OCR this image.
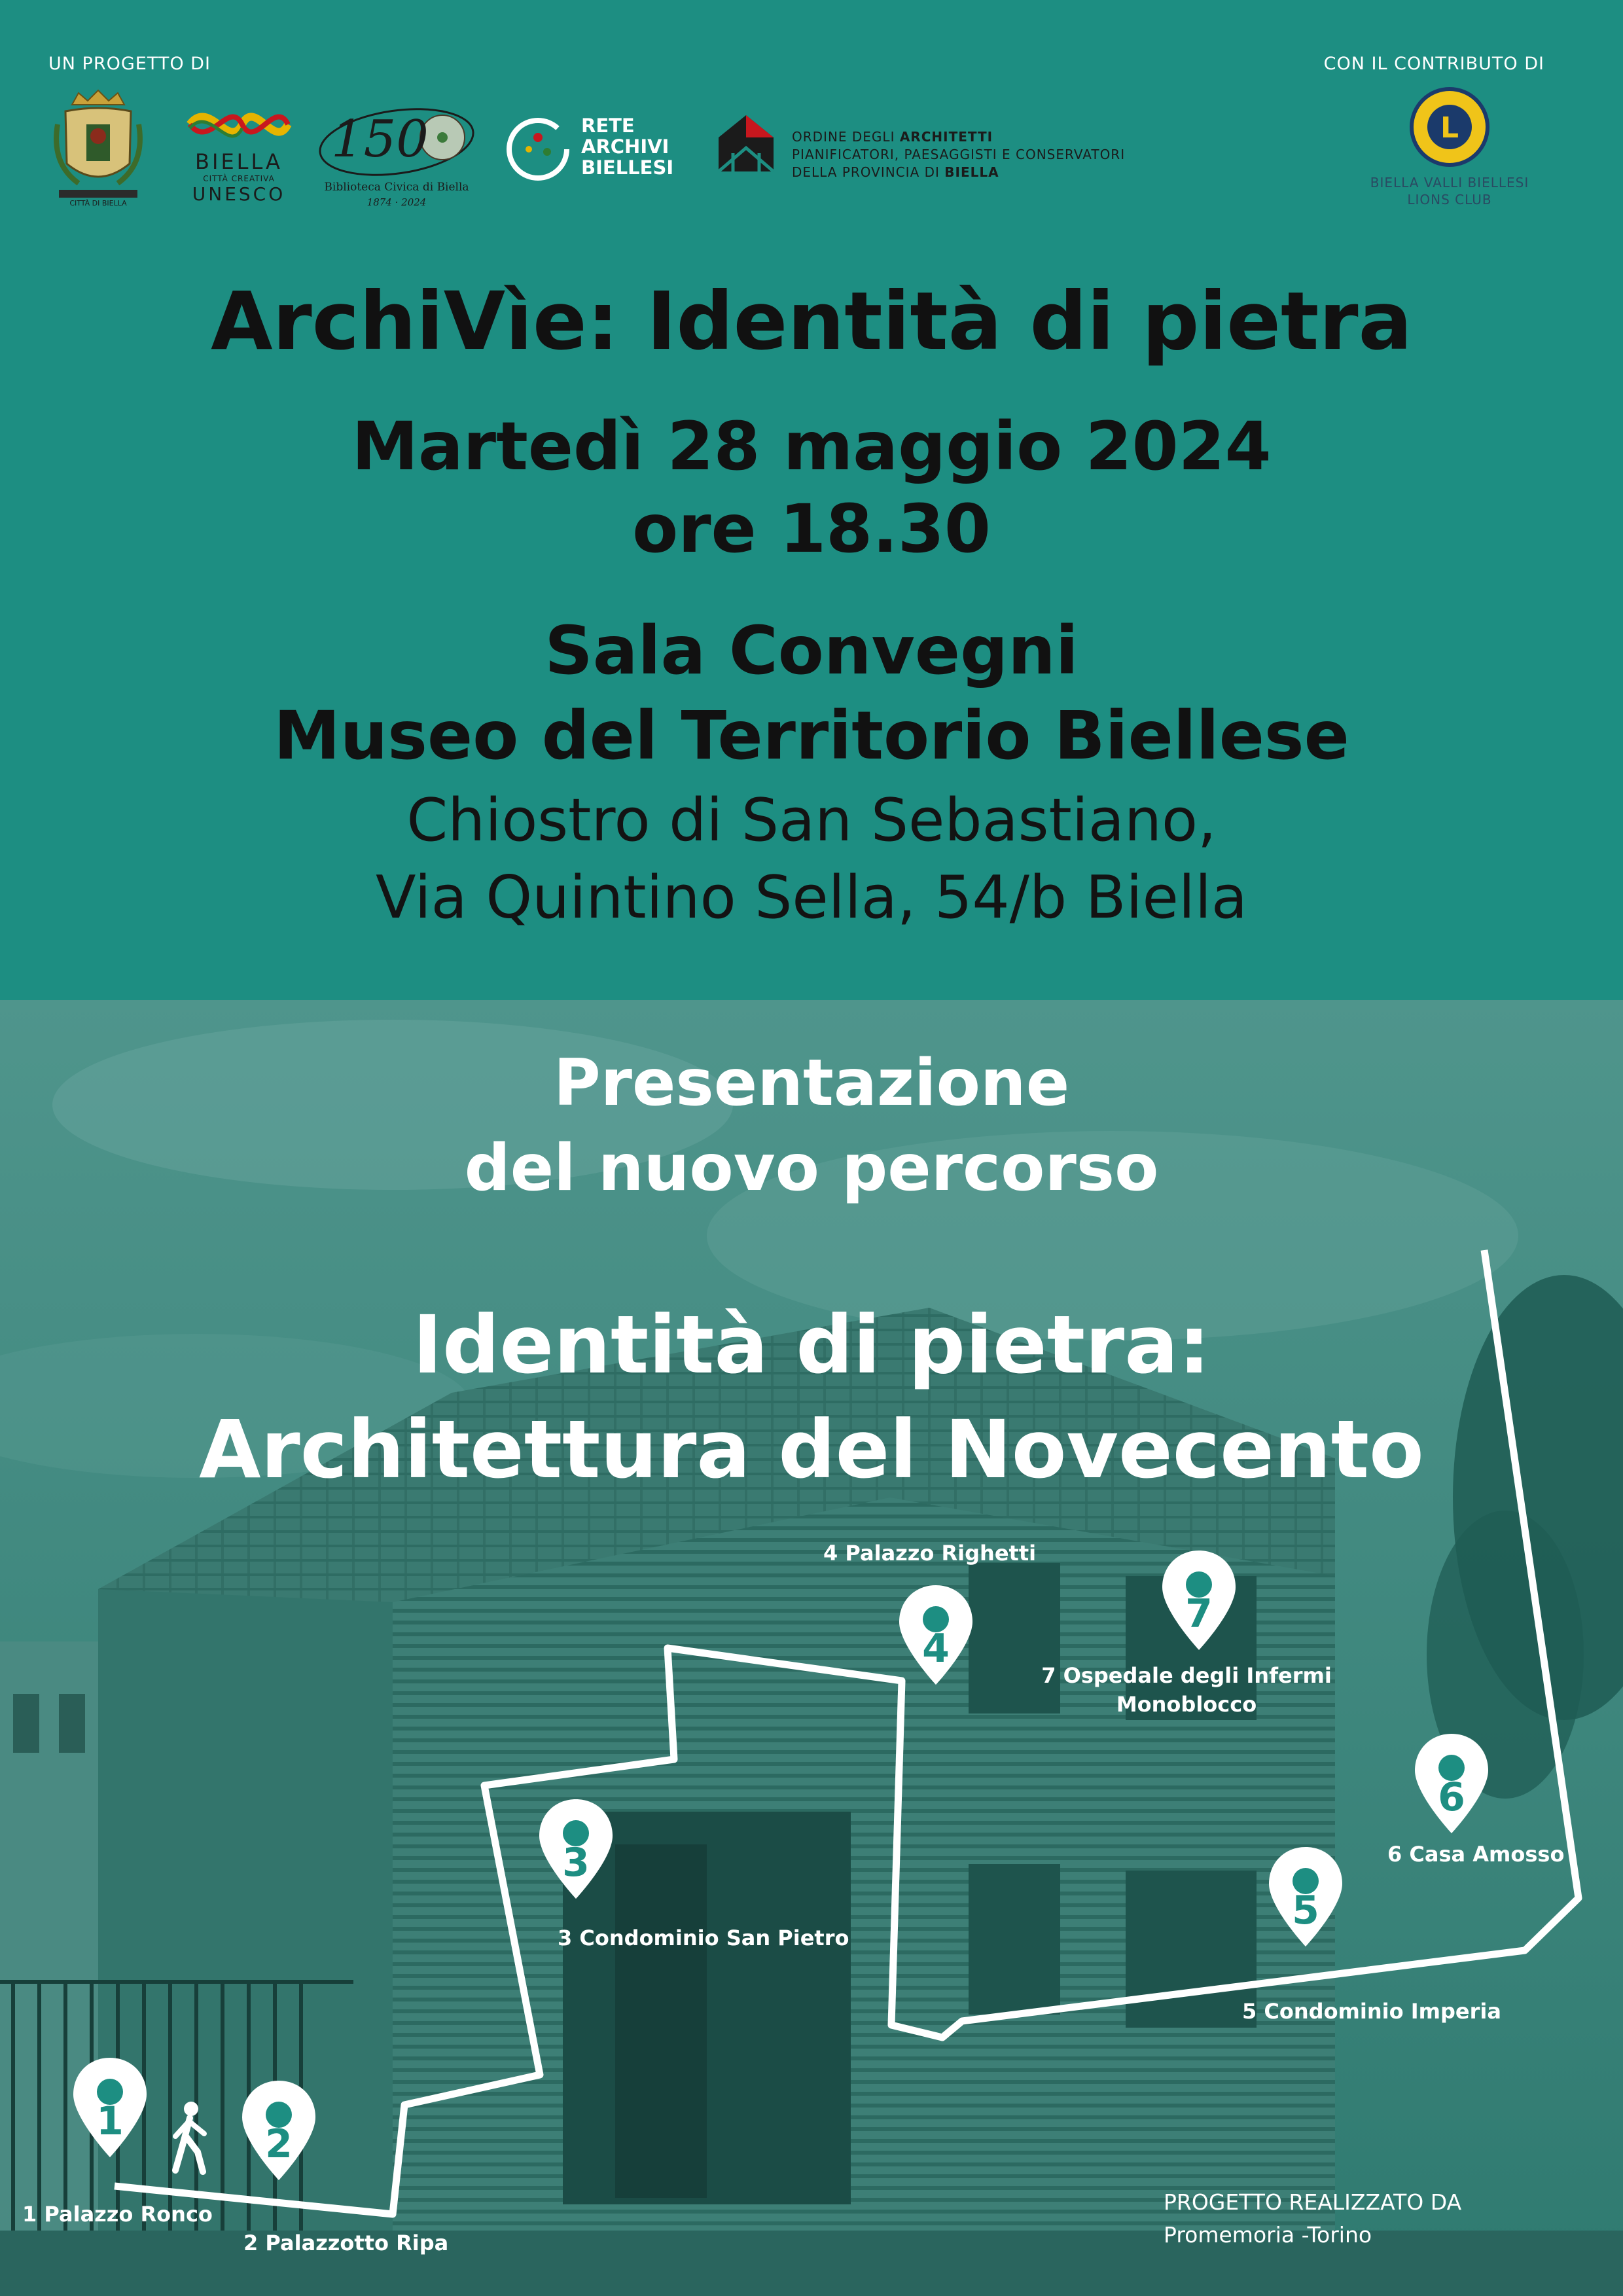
UN PROGETTO DI	CON IL CONTRIBUTO DI
CITTÀ DI BIELLA
BIELLA
CITTÀ CREATIVA
UNESCO
150
Biblioteca Civica di Biella
1874 · 2024
RETE
ARCHIVI
BIELLESI
ORDINE DEGLI ARCHITETTI
PIANIFICATORI, PAESAGGISTI E CONSERVATORI
DELLA PROVINCIA DI BIELLA
L
BIELLA VALLI BIELLESI
LIONS CLUB
ArchiVìe: Identità di pietra
Martedì 28 maggio 2024
ore 18.30
Sala Convegni
Museo del Territorio Biellese
Chiostro di San Sebastiano,
Via Quintino Sella, 54/b Biella
Presentazione
del nuovo percorso
Identità di pietra:
Architettura del Novecento
1	2
3
4
5
6
7
1 Palazzo Ronco
2 Palazzotto Ripa
3 Condominio San Pietro
4 Palazzo Righetti
5 Condominio Imperia
6 Casa Amosso
7 Ospedale degli Infermi
Monoblocco
PROGETTO REALIZZATO DA
Promemoria -Torino
